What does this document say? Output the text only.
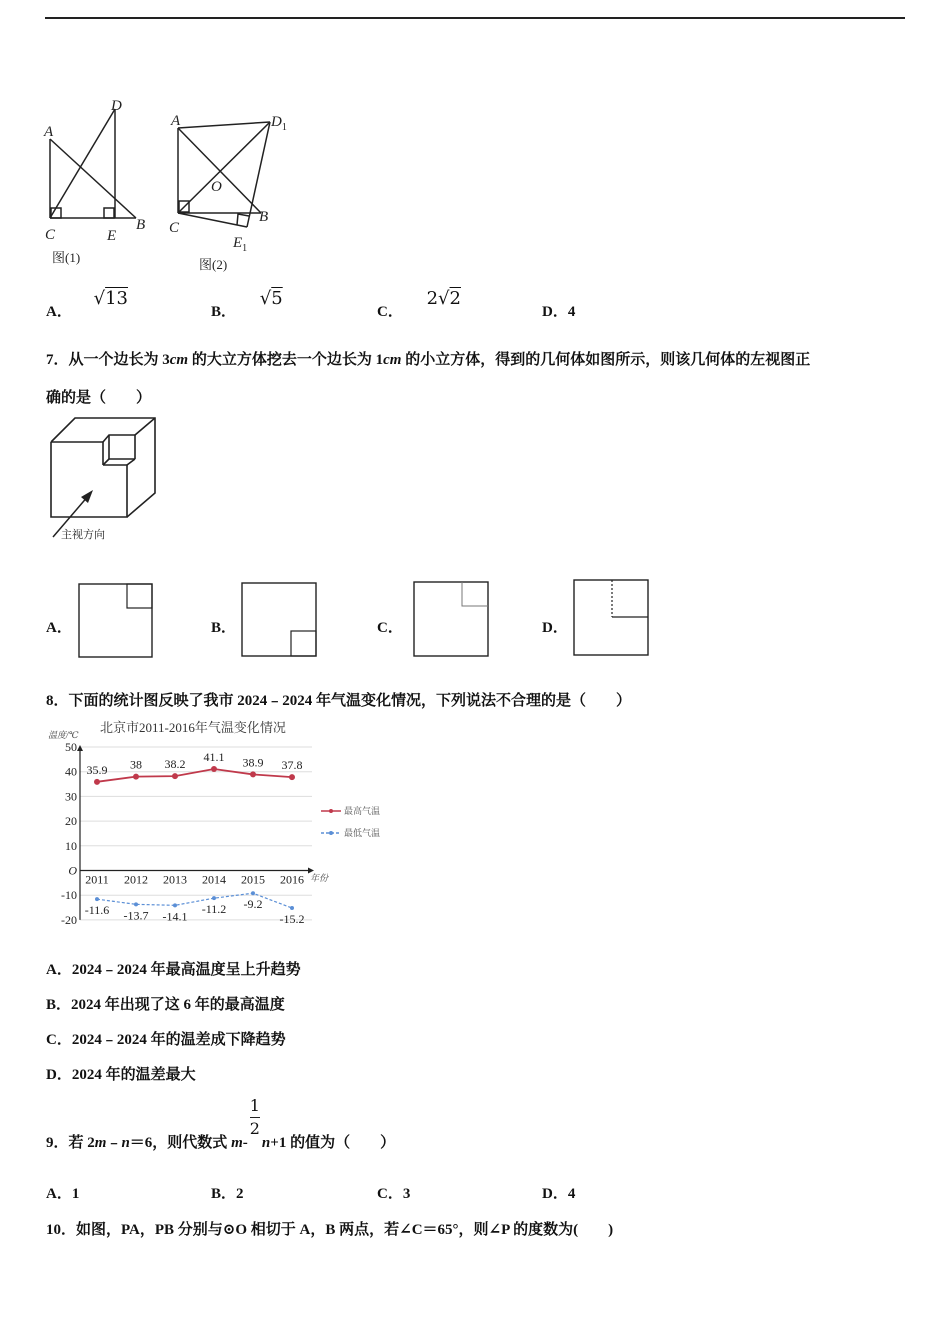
A
D
C	E
B
图(1)
A	$D_1$
O
C
B
$E_1$
图(2)
A． √13
B． √5
C． 2√2
D．4
7．从一个边长为 3cm 的大立方体挖去一个边长为 1cm 的小立方体，得到的几何体如图所示，则该几何体的左视图正
确的是（　　）
主视方向
A．	B．	C．	D．
8．下面的统计图反映了我市 2024﹣2024 年气温变化情况，下列说法不合理的是（　　）
北京市2011-2016年气温变化情况
温度/℃
年份
50
40
30
20
10
O
-10
-20
2011 2012 2013 2014 2015 2016
35.9 38 38.2
41.1 38.9 37.8
-11.6 -13.7 -14.1
-11.2 -9.2
-15.2
最高气温
最低气温
A．2024﹣2024 年最高温度呈上升趋势
B．2024 年出现了这 6 年的最高温度
C．2024﹣2024 年的温差成下降趋势
D．2024 年的温差最大
9．若 2m﹣n＝6，则代数式 m-
$\frac{1}{2}$
n+1 的值为（　　）
A．1	B．2	C．3	D．4
10．如图，PA，PB 分别与⊙O 相切于 A，B 两点，若∠C＝65°，则∠P 的度数为(　　)
